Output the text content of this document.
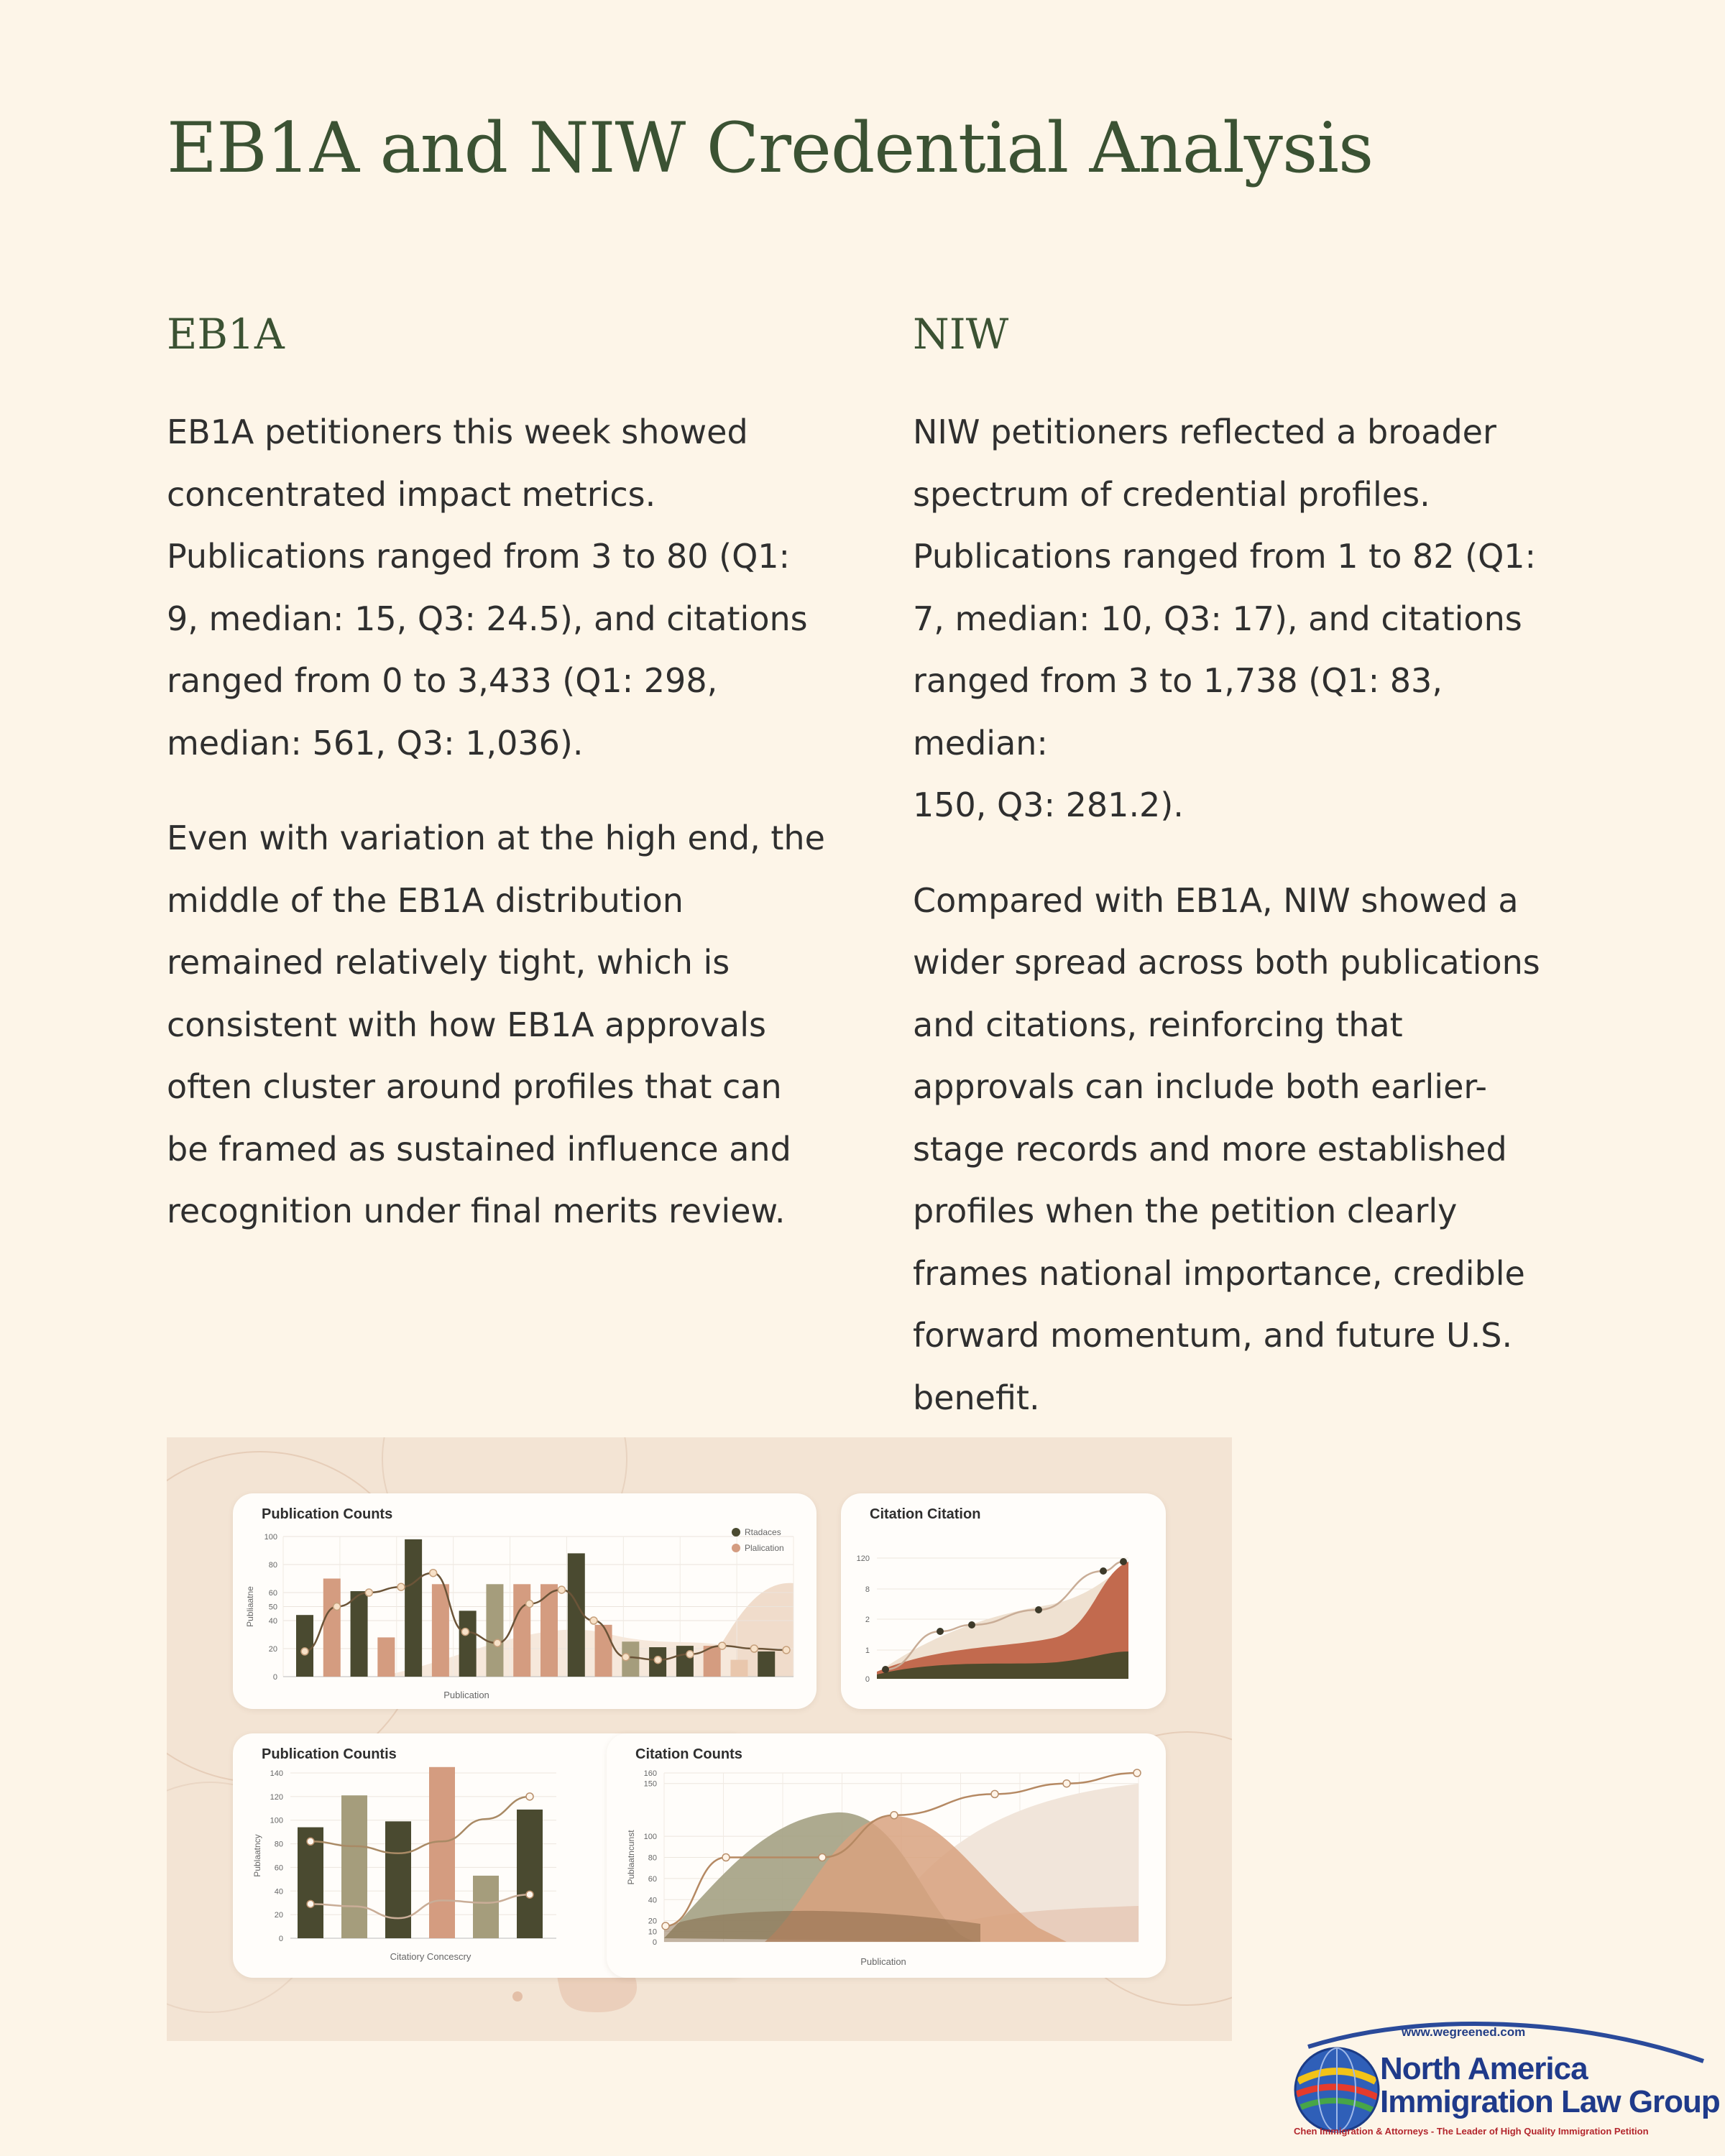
EB1A and NIW Credential Analysis
EB1A

EB1A petitioners this week showed
concentrated impact metrics.
Publications ranged from 3 to 80 (Q1:
9, median: 15, Q3: 24.5), and citations
ranged from 0 to 3,433 (Q1: 298,
median: 561, Q3: 1,036).

Even with variation at the high end, the
middle of the EB1A distribution
remained relatively tight, which is
consistent with how EB1A approvals
often cluster around profiles that can
be framed as sustained influence and
recognition under final merits review.

NIW

NIW petitioners reflected a broader
spectrum of credential profiles.
Publications ranged from 1 to 82 (Q1:
7, median: 10, Q3: 17), and citations
ranged from 3 to 1,738 (Q1: 83, median:
150, Q3: 281.2).

Compared with EB1A, NIW showed a
wider spread across both publications
and citations, reinforcing that
approvals can include both earlier-
stage records and more established
profiles when the petition clearly
frames national importance, credible
forward momentum, and future U.S.
benefit.

Publication Counts
0
20
40
50
60
80
100
Publiaatne
Publication
Rtadaces
Plalication
Citation Citation
0
1
2
8
120
Publication Countis
0
20
40
60
80
100
120
140
Publaatncy
Citatiory Concescry
Citation Counts
0
10
20
40
60
80
100
150
160
Publaatncunst
Publication
www.wegreened.com
North America
Immigration Law Group
Chen Immigration & Attorneys - The Leader of High Quality Immigration Petition
